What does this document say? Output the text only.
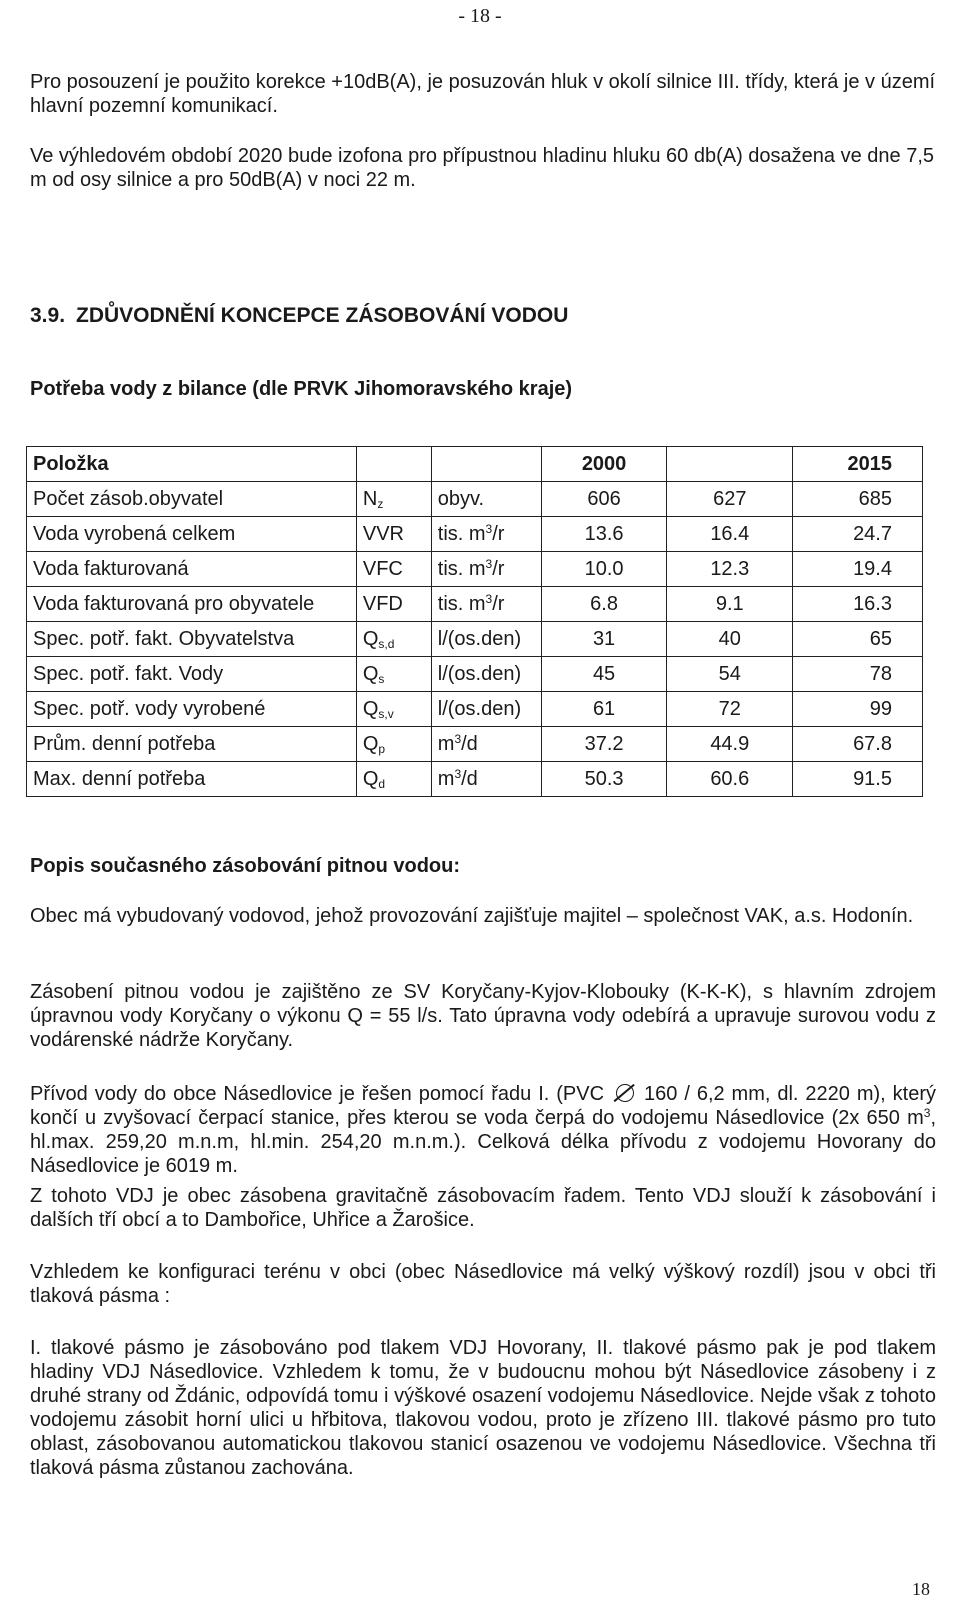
- 18 -

Pro posouzení je použito korekce +10dB(A), je posuzován hluk v okolí silnice III. třídy, která je v území hlavní pozemní komunikací.

Ve výhledovém období 2020 bude izofona pro přípustnou hladinu hluku 60 db(A) dosažena ve dne 7,5 m od osy silnice a pro 50dB(A) v noci 22 m.

3.9. ZDŮVODNĚNÍ KONCEPCE ZÁSOBOVÁNÍ VODOU
Potřeba vody z bilance (dle PRVK Jihomoravského kraje)
Položka			2000		2015
Počet zásob.obyvatel	$N_z$	obyv.	606	627	685
Voda vyrobená celkem	VVR	tis. $m^3/r$	13.6	16.4	24.7
Voda fakturovaná	VFC	tis. $m^3/r$	10.0	12.3	19.4
Voda fakturovaná pro obyvatele	VFD	tis. $m^3/r$	6.8	9.1	16.3
Spec. potř. fakt. Obyvatelstva	$Q_{s,d}$	l/(os.den)	31	40	65
Spec. potř. fakt. Vody	$Q_s$	l/(os.den)	45	54	78
Spec. potř. vody vyrobené	$Q_{s,v}$	l/(os.den)	61	72	99
Prům. denní potřeba	$Q_p$	$m^3/d$	37.2	44.9	67.8
Max. denní potřeba	$Q_d$	$m^3/d$	50.3	60.6	91.5
Popis současného zásobování pitnou vodou:

Obec má vybudovaný vodovod, jehož provozování zajišťuje majitel – společnost VAK, a.s. Hodonín.

Zásobení pitnou vodou je zajištěno ze SV Koryčany-Kyjov-Klobouky (K-K-K), s hlavním zdrojem úpravnou vody Koryčany o výkonu Q = 55 l/s. Tato úpravna vody odebírá a upravuje surovou vodu z vodárenské nádrže Koryčany.

Přívod vody do obce Násedlovice je řešen pomocí řadu I. (PVC 160 / 6,2 mm, dl. 2220 m), který končí u zvyšovací čerpací stanice, přes kterou se voda čerpá do vodojemu Násedlovice (2x 650 $m^3$, hl.max. 259,20 m.n.m, hl.min. 254,20 m.n.m.). Celková délka přívodu z vodojemu Hovorany do Násedlovice je 6019 m.

Z tohoto VDJ je obec zásobena gravitačně zásobovacím řadem. Tento VDJ slouží k zásobování i dalších tří obcí a to Dambořice, Uhřice a Žarošice.

Vzhledem ke konfiguraci terénu v obci (obec Násedlovice má velký výškový rozdíl) jsou v obci tři tlaková pásma :

I. tlakové pásmo je zásobováno pod tlakem VDJ Hovorany, II. tlakové pásmo pak je pod tlakem hladiny VDJ Násedlovice. Vzhledem k tomu, že v budoucnu mohou být Násedlovice zásobeny i z druhé strany od Ždánic, odpovídá tomu i výškové osazení vodojemu Násedlovice. Nejde však z tohoto vodojemu zásobit horní ulici u hřbitova, tlakovou vodou, proto je zřízeno III. tlakové pásmo pro tuto oblast, zásobovanou automatickou tlakovou stanicí osazenou ve vodojemu Násedlovice. Všechna tři tlaková pásma zůstanou zachována.

18
